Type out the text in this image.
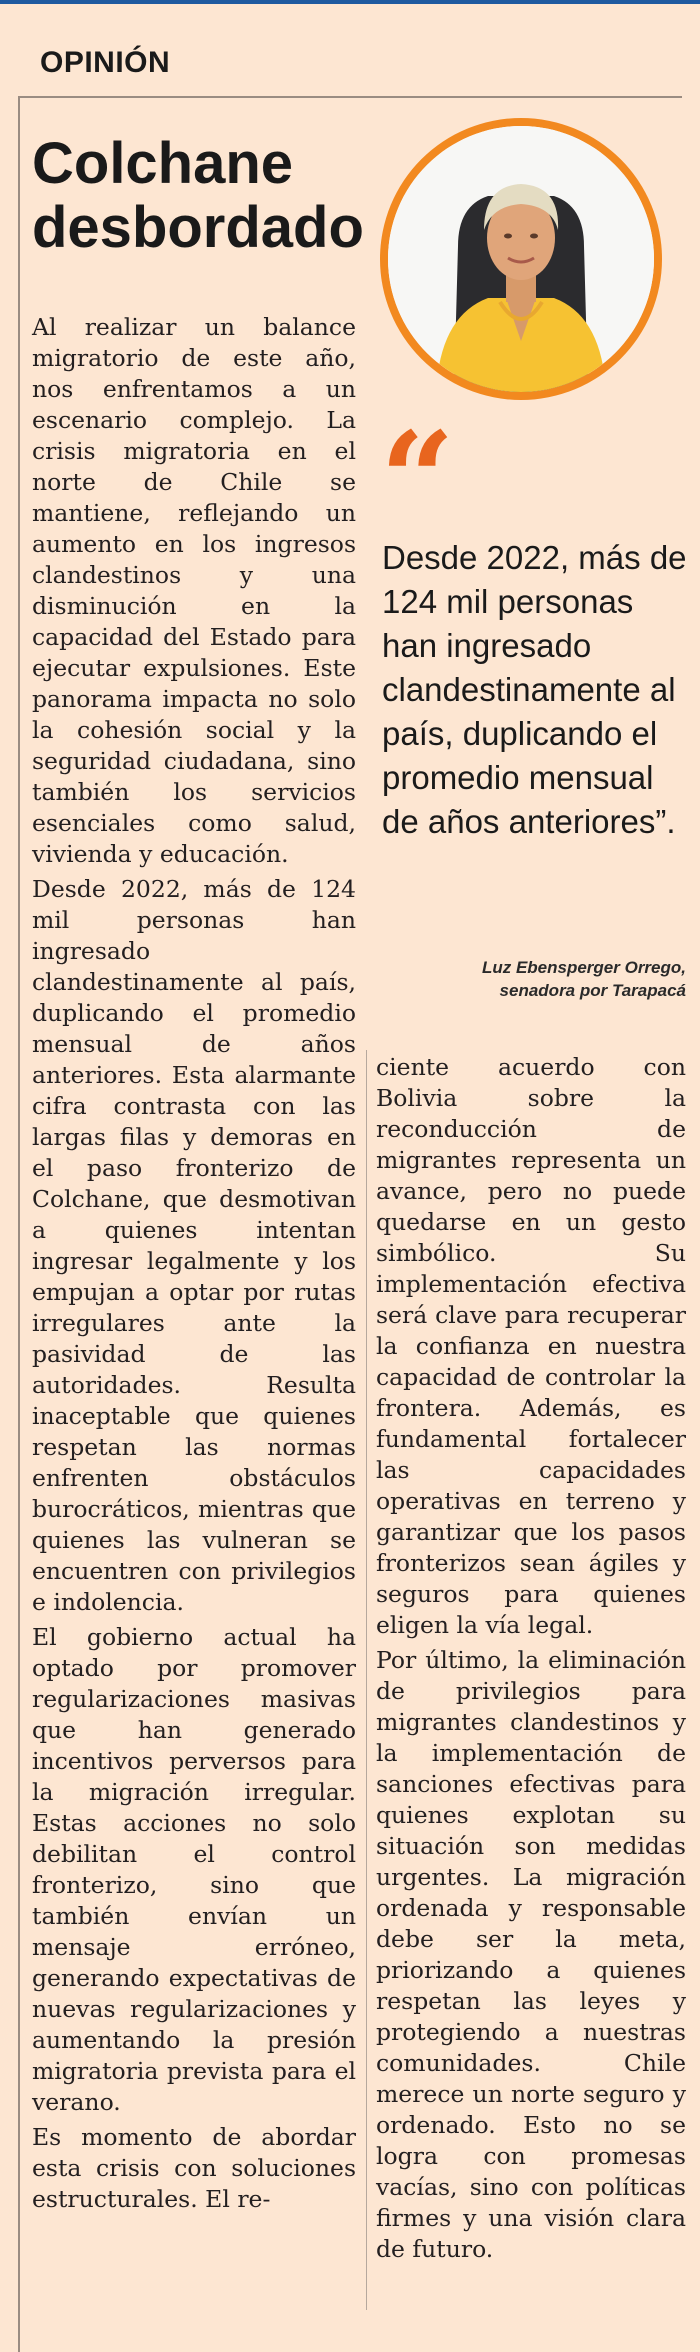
OPINIÓN
Colchane desbordado
“
Desde 2022, más de 124 mil personas han ingresado clandestinamente al país, duplicando el promedio mensual de años anteriores”.
Luz Ebensperger Orrego,
senadora por Tarapacá

Al realizar un balance migratorio de este año, nos enfrentamos a un escenario complejo. La crisis migratoria en el norte de Chile se mantiene, reflejando un aumento en los ingresos clandestinos y una disminución en la capacidad del Estado para ejecutar expulsiones. Este panorama impacta no solo la cohesión social y la seguridad ciudadana, sino también los servicios esenciales como salud, vivienda y educación.

Desde 2022, más de 124 mil personas han ingresado clandestinamente al país, duplicando el promedio mensual de años anteriores. Esta alarmante cifra contrasta con las largas filas y demoras en el paso fronterizo de Colchane, que desmotivan a quienes intentan ingresar legalmente y los empujan a optar por rutas irregulares ante la pasividad de las autoridades. Resulta inaceptable que quienes respetan las normas enfrenten obstáculos burocráticos, mientras que quienes las vulneran se encuentren con privilegios e indolencia.

El gobierno actual ha optado por promover regularizaciones masivas que han generado incentivos perversos para la migración irregular. Estas acciones no solo debilitan el control fronterizo, sino que también envían un mensaje erróneo, generando expectativas de nuevas regularizaciones y aumentando la presión migratoria prevista para el verano.

Es momento de abordar esta crisis con soluciones estructurales. El re-

ciente acuerdo con Bolivia sobre la reconducción de migrantes representa un avance, pero no puede quedarse en un gesto simbólico. Su implementación efectiva será clave para recuperar la confianza en nuestra capacidad de controlar la frontera. Además, es fundamental fortalecer las capacidades operativas en terreno y garantizar que los pasos fronterizos sean ágiles y seguros para quienes eligen la vía legal.

Por último, la eliminación de privilegios para migrantes clandestinos y la implementación de sanciones efectivas para quienes explotan su situación son medidas urgentes. La migración ordenada y responsable debe ser la meta, priorizando a quienes respetan las leyes y protegiendo a nuestras comunidades. Chile merece un norte seguro y ordenado. Esto no se logra con promesas vacías, sino con políticas firmes y una visión clara de futuro.
